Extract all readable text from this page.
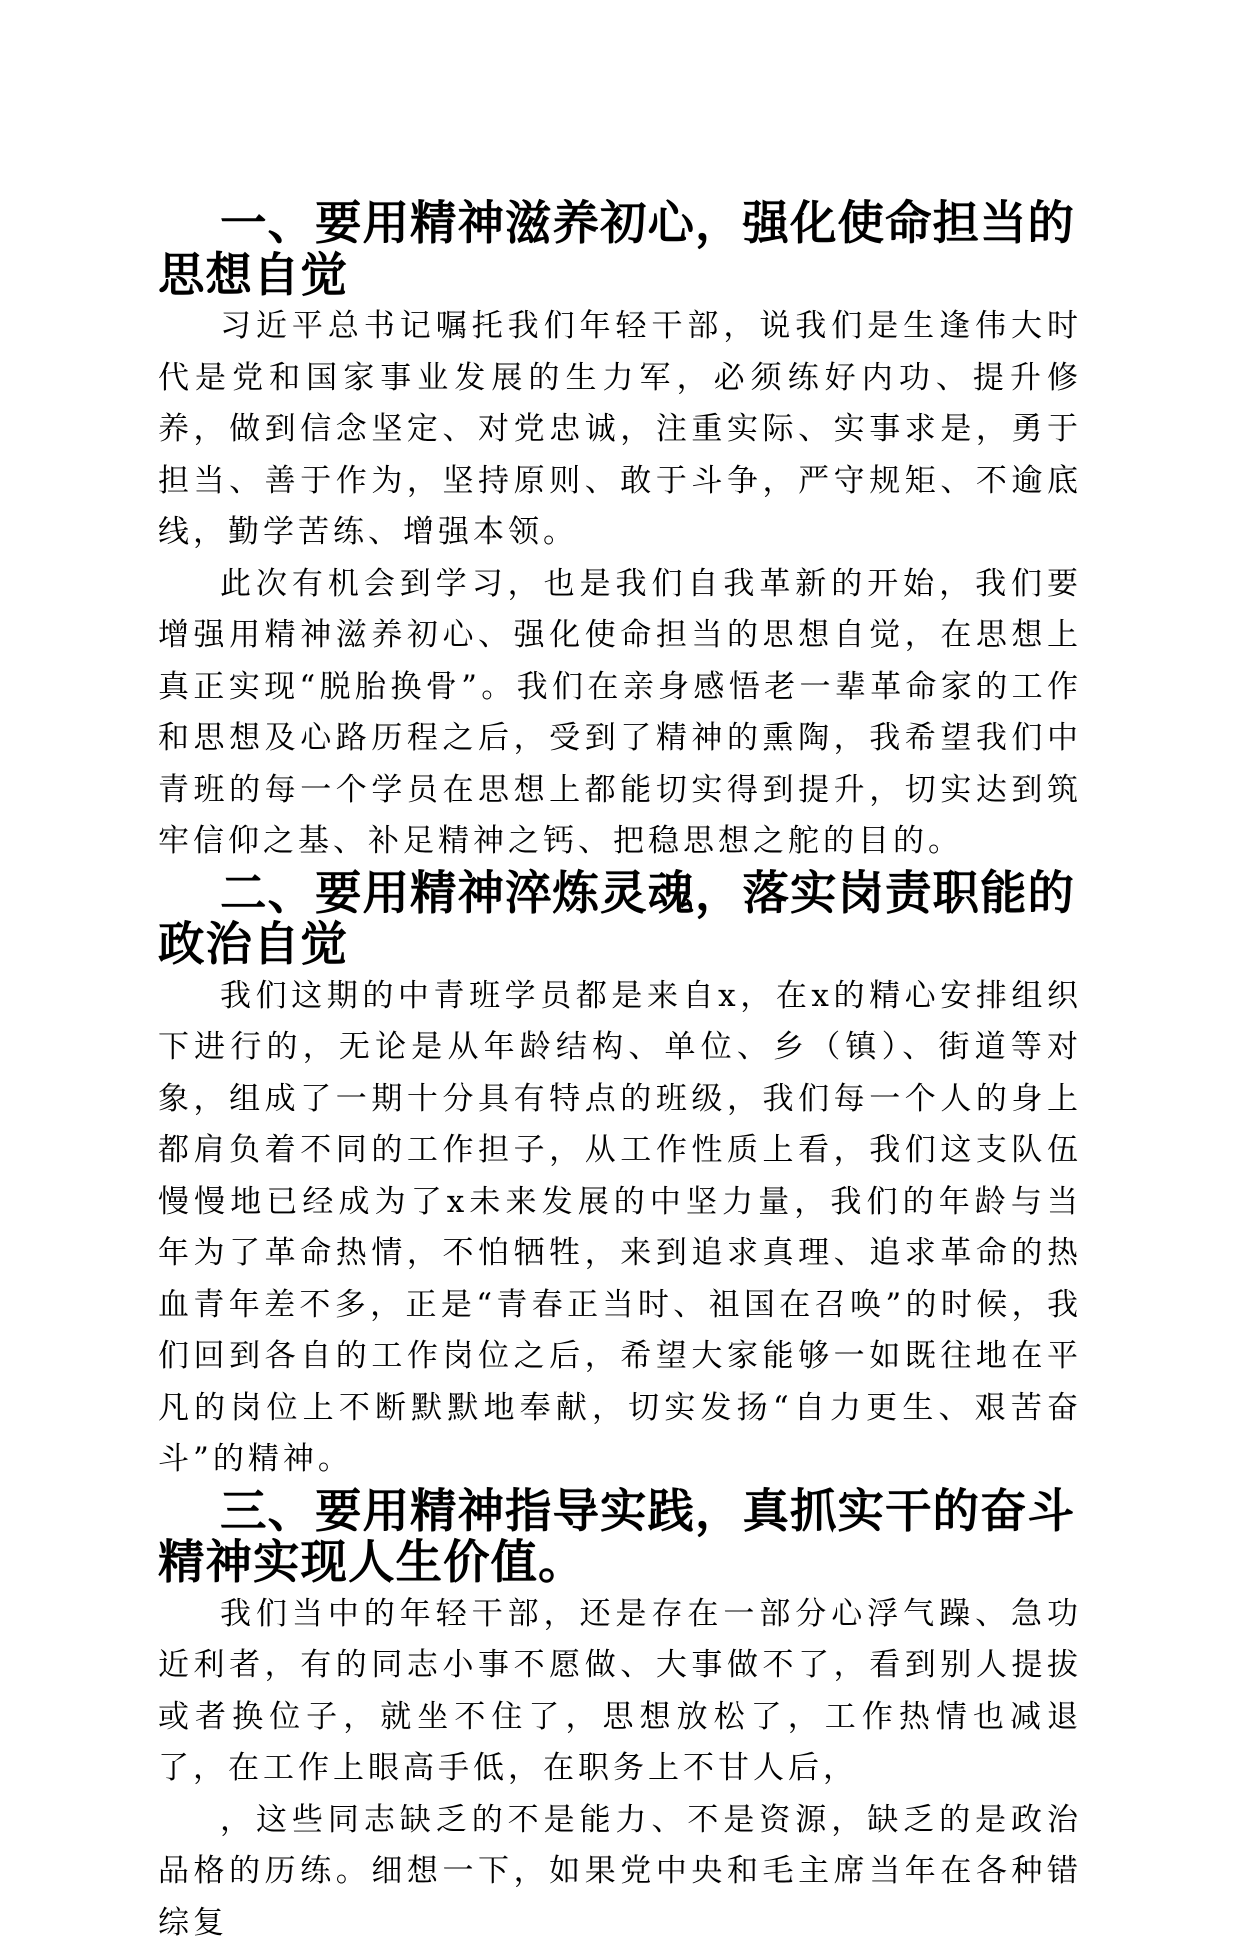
一、要用精神滋养初心，强化使命担当的思想自觉

习近平总书记嘱托我们年轻干部，说我们是生逢伟大时代是党和国家事业发展的生力军，必须练好内功、提升修养，做到信念坚定、对党忠诚，注重实际、实事求是，勇于担当、善于作为，坚持原则、敢于斗争，严守规矩、不逾底线，勤学苦练、增强本领。

此次有机会到学习，也是我们自我革新的开始，我们要增强用精神滋养初心、强化使命担当的思想自觉，在思想上真正实现“脱胎换骨”。我们在亲身感悟老一辈革命家的工作和思想及心路历程之后，受到了精神的熏陶，我希望我们中青班的每一个学员在思想上都能切实得到提升，切实达到筑牢信仰之基、补足精神之钙、把稳思想之舵的目的。

二、要用精神淬炼灵魂，落实岗责职能的政治自觉

我们这期的中青班学员都是来自x，在x的精心安排组织下进行的，无论是从年龄结构、单位、乡（镇）、街道等对象，组成了一期十分具有特点的班级，我们每一个人的身上都肩负着不同的工作担子，从工作性质上看，我们这支队伍慢慢地已经成为了x未来发展的中坚力量，我们的年龄与当年为了革命热情，不怕牺牲，来到追求真理、追求革命的热血青年差不多，正是“青春正当时、祖国在召唤”的时候，我们回到各自的工作岗位之后，希望大家能够一如既往地在平凡的岗位上不断默默地奉献，切实发扬“自力更生、艰苦奋斗”的精神。

三、要用精神指导实践，真抓实干的奋斗精神实现人生价值。

我们当中的年轻干部，还是存在一部分心浮气躁、急功近利者，有的同志小事不愿做、大事做不了，看到别人提拔或者换位子，就坐不住了，思想放松了，工作热情也减退了，在工作上眼高手低，在职务上不甘人后，

，这些同志缺乏的不是能力、不是资源，缺乏的是政治品格的历练。细想一下，如果党中央和毛主席当年在各种错综复
